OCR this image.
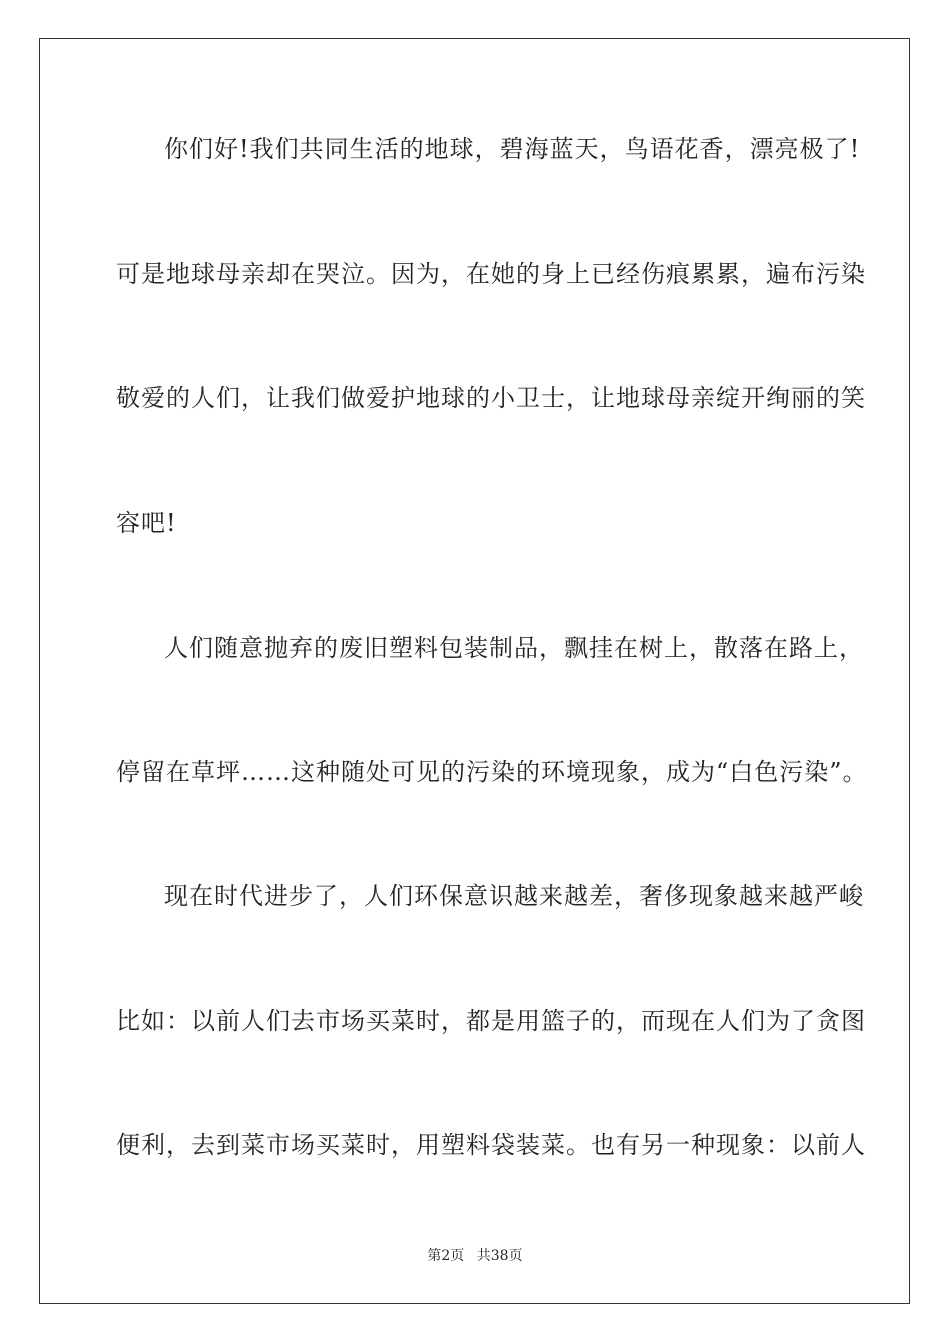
你们好!我们共同生活的地球，碧海蓝天，鸟语花香，漂亮极了!
可是地球母亲却在哭泣。因为，在她的身上已经伤痕累累，遍布污染
敬爱的人们，让我们做爱护地球的小卫士，让地球母亲绽开绚丽的笑
容吧!
人们随意抛弃的废旧塑料包装制品，飘挂在树上，散落在路上，
停留在草坪……这种随处可见的污染的环境现象，成为“白色污染”。
现在时代进步了，人们环保意识越来越差，奢侈现象越来越严峻
比如：以前人们去市场买菜时，都是用篮子的，而现在人们为了贪图
便利，去到菜市场买菜时，用塑料袋装菜。也有另一种现象：以前人
第2页 共38页
